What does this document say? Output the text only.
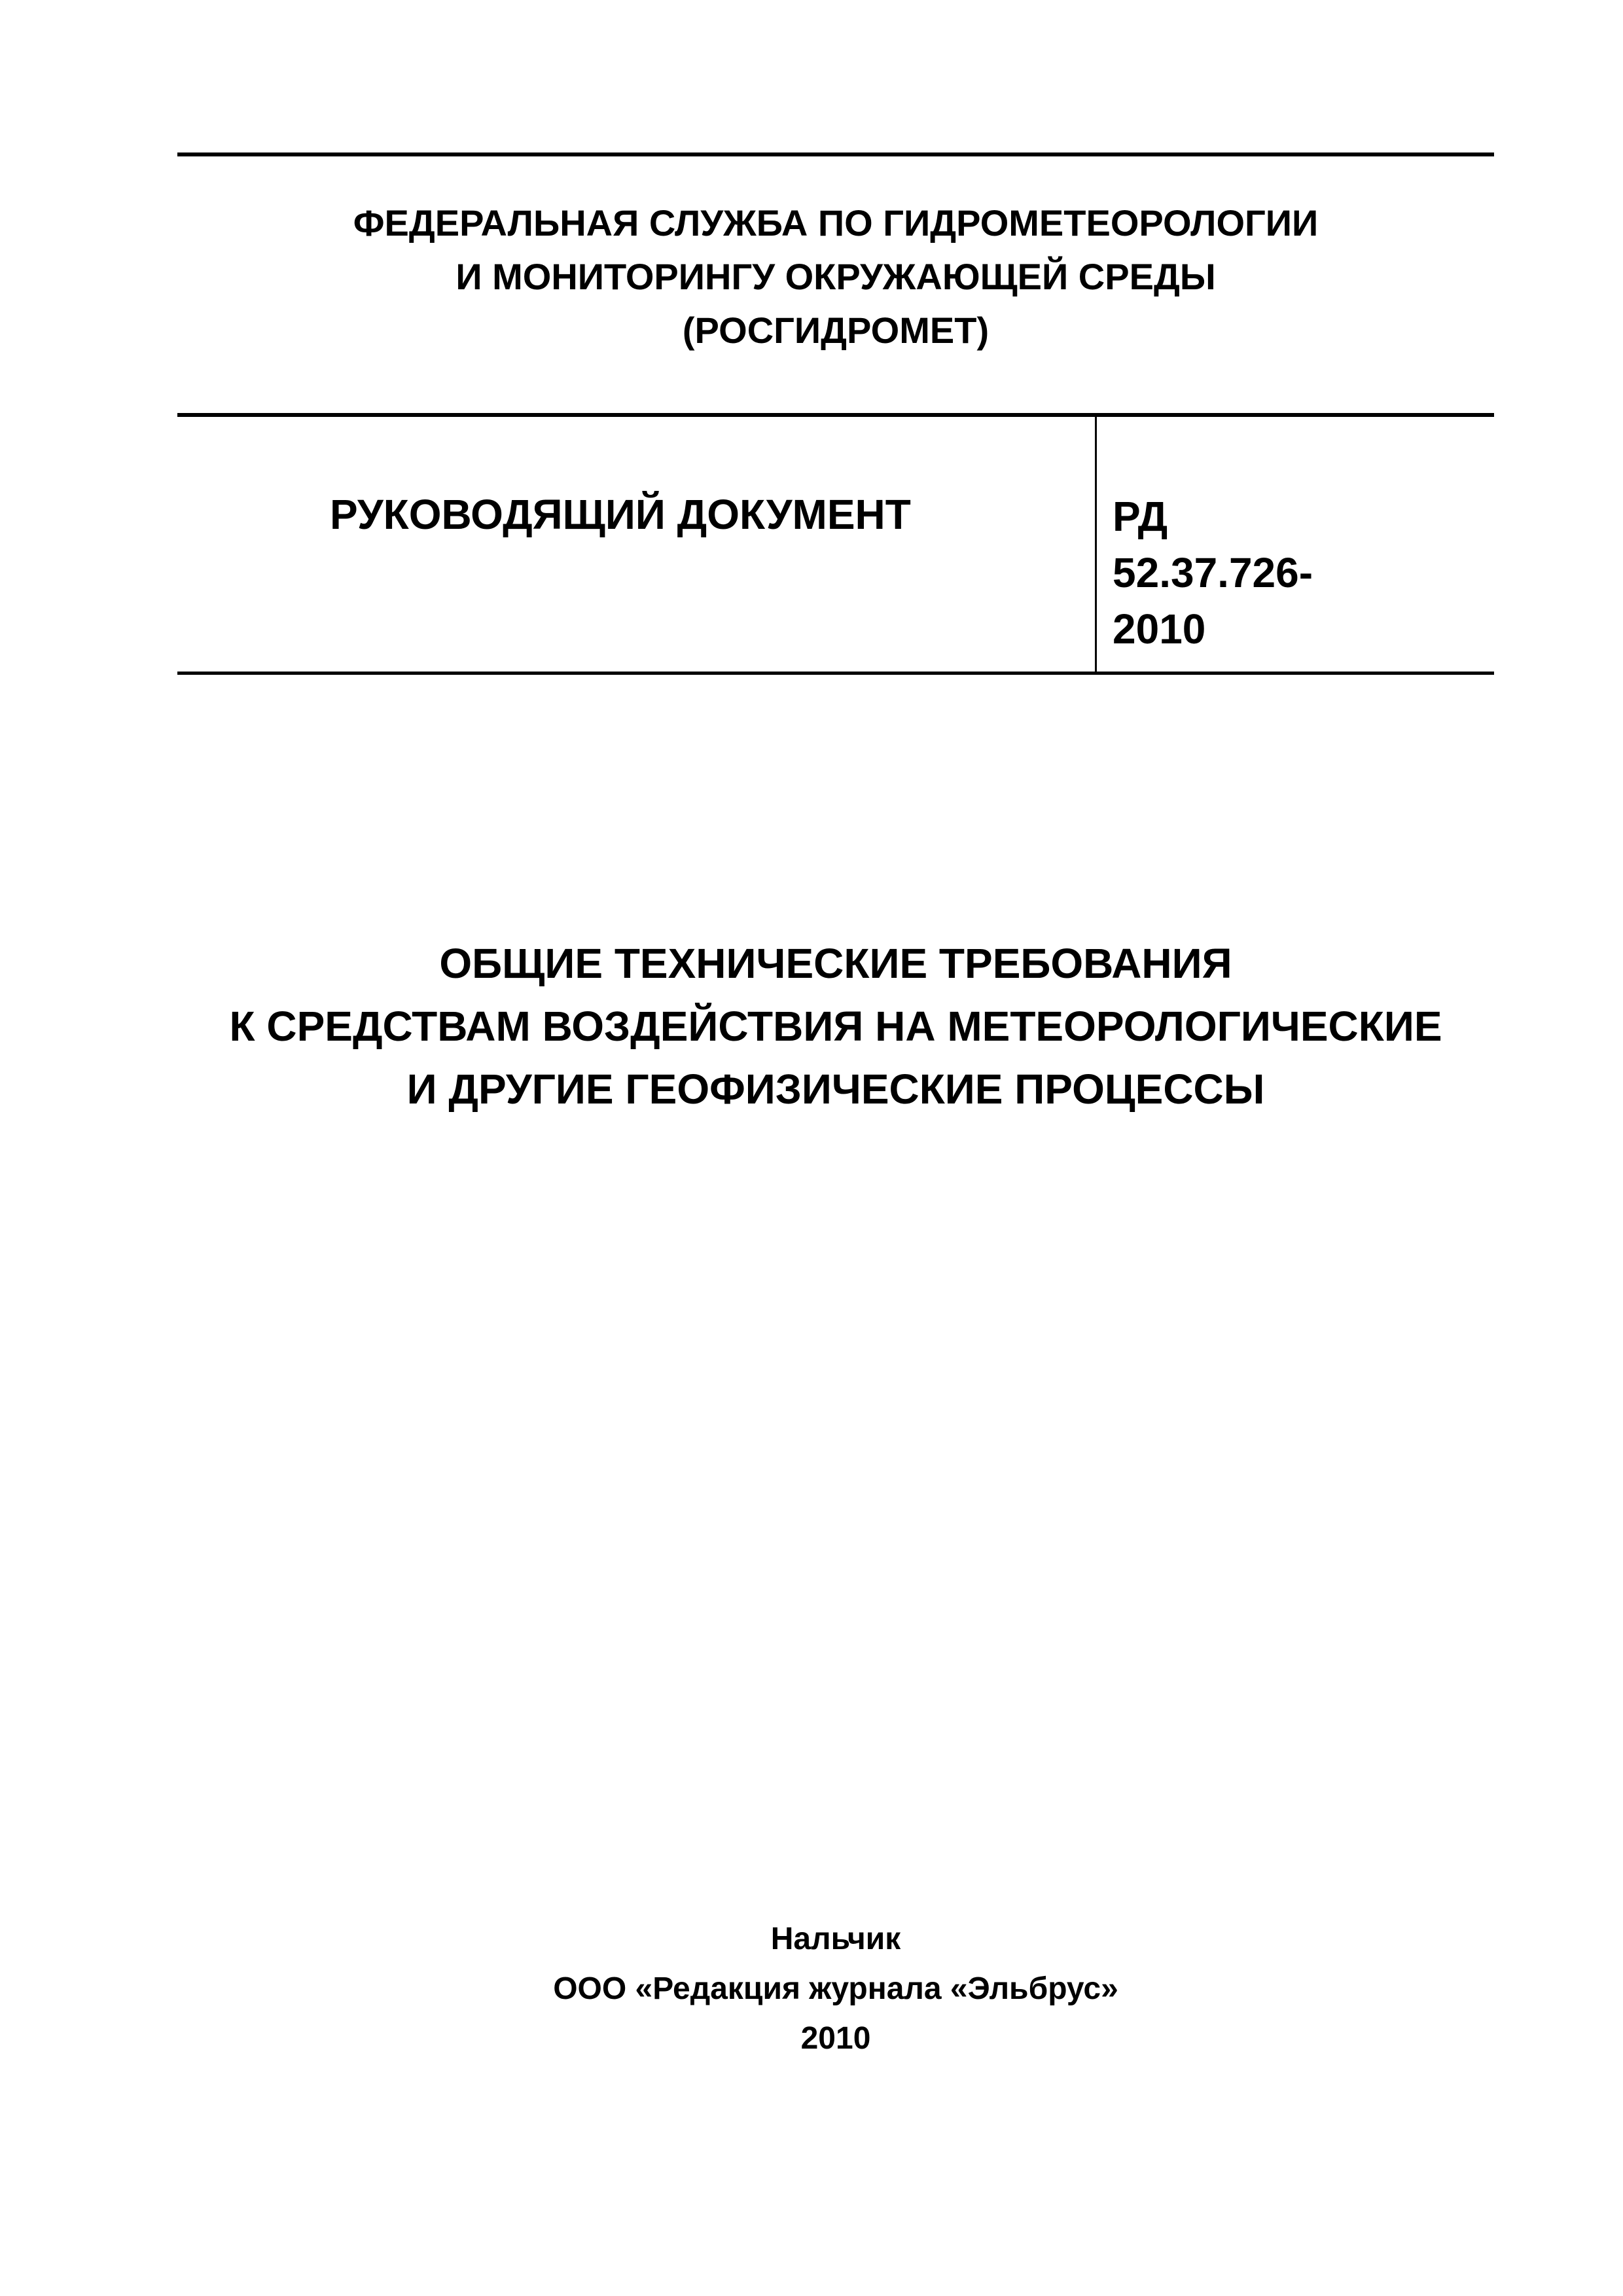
ФЕДЕРАЛЬНАЯ СЛУЖБА ПО ГИДРОМЕТЕОРОЛОГИИ
И МОНИТОРИНГУ ОКРУЖАЮЩЕЙ СРЕДЫ
(РОСГИДРОМЕТ)
РУКОВОДЯЩИЙ ДОКУМЕНТ	РД
52.37.726-
2010
ОБЩИЕ ТЕХНИЧЕСКИЕ ТРЕБОВАНИЯ
К СРЕДСТВАМ ВОЗДЕЙСТВИЯ НА МЕТЕОРОЛОГИЧЕСКИЕ
И ДРУГИЕ ГЕОФИЗИЧЕСКИЕ ПРОЦЕССЫ
Нальчик
ООО «Редакция журнала «Эльбрус»
2010
